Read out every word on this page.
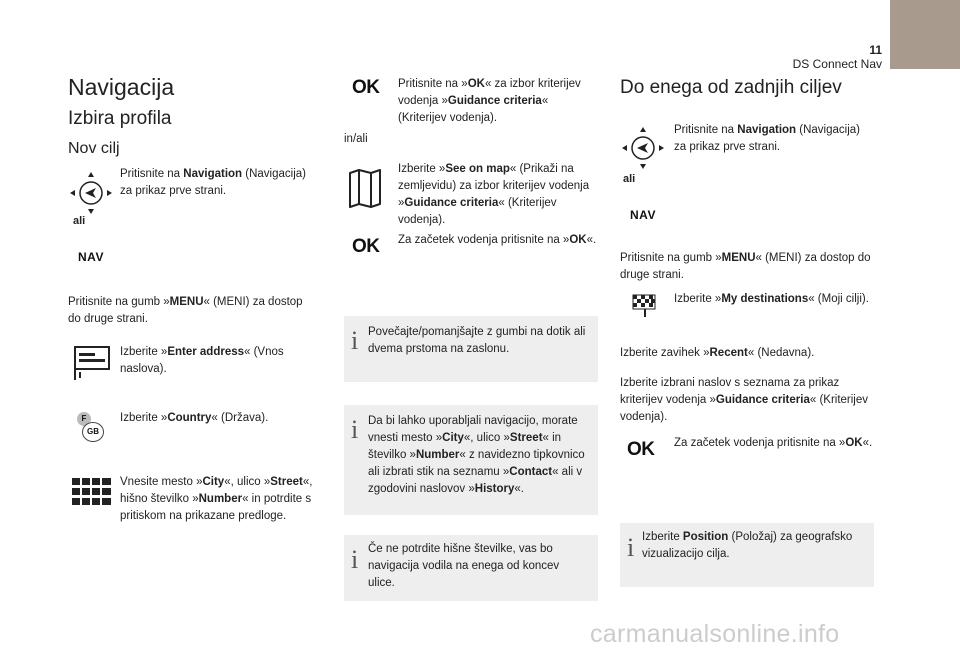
11
DS Connect Nav
Navigacija
Izbira profila
Nov cilj
ali
Pritisnite na Navigation (Navigacija) za prikaz prve strani.
NAV
Pritisnite na gumb »MENU« (MENI) za dostop do druge strani.
Izberite »Enter address« (Vnos naslova).
F
GB
Izberite »Country« (Država).
Vnesite mesto »City«, ulico »Street«, hišno številko »Number« in potrdite s pritiskom na prikazane predloge.
OK Pritisnite na »OK« za izbor kriterijev vodenja »Guidance criteria« (Kriterijev vodenja).
in/ali
Izberite »See on map« (Prikaži na zemljevidu) za izbor kriterijev vodenja »Guidance criteria« (Kriterijev vodenja).
OK Za začetek vodenja pritisnite na »OK«.
i Povečajte/pomanjšajte z gumbi na dotik ali dvema prstoma na zaslonu.
i Da bi lahko uporabljali navigacijo, morate vnesti mesto »City«, ulico »Street« in številko »Number« z navidezno tipkovnico ali izbrati stik na seznamu »Contact« ali v zgodovini naslovov »History«.
i Če ne potrdite hišne številke, vas bo navigacija vodila na enega od koncev ulice.
Do enega od zadnjih ciljev
ali
Pritisnite na Navigation (Navigacija) za prikaz prve strani.
NAV
Pritisnite na gumb »MENU« (MENI) za dostop do druge strani.
Izberite »My destinations« (Moji cilji).
Izberite zavihek »Recent« (Nedavna).
Izberite izbrani naslov s seznama za prikaz kriterijev vodenja »Guidance criteria« (Kriterijev vodenja).
OK Za začetek vodenja pritisnite na »OK«.
i Izberite Position (Položaj) za geografsko vizualizacijo cilja.
carmanualsonline.info
